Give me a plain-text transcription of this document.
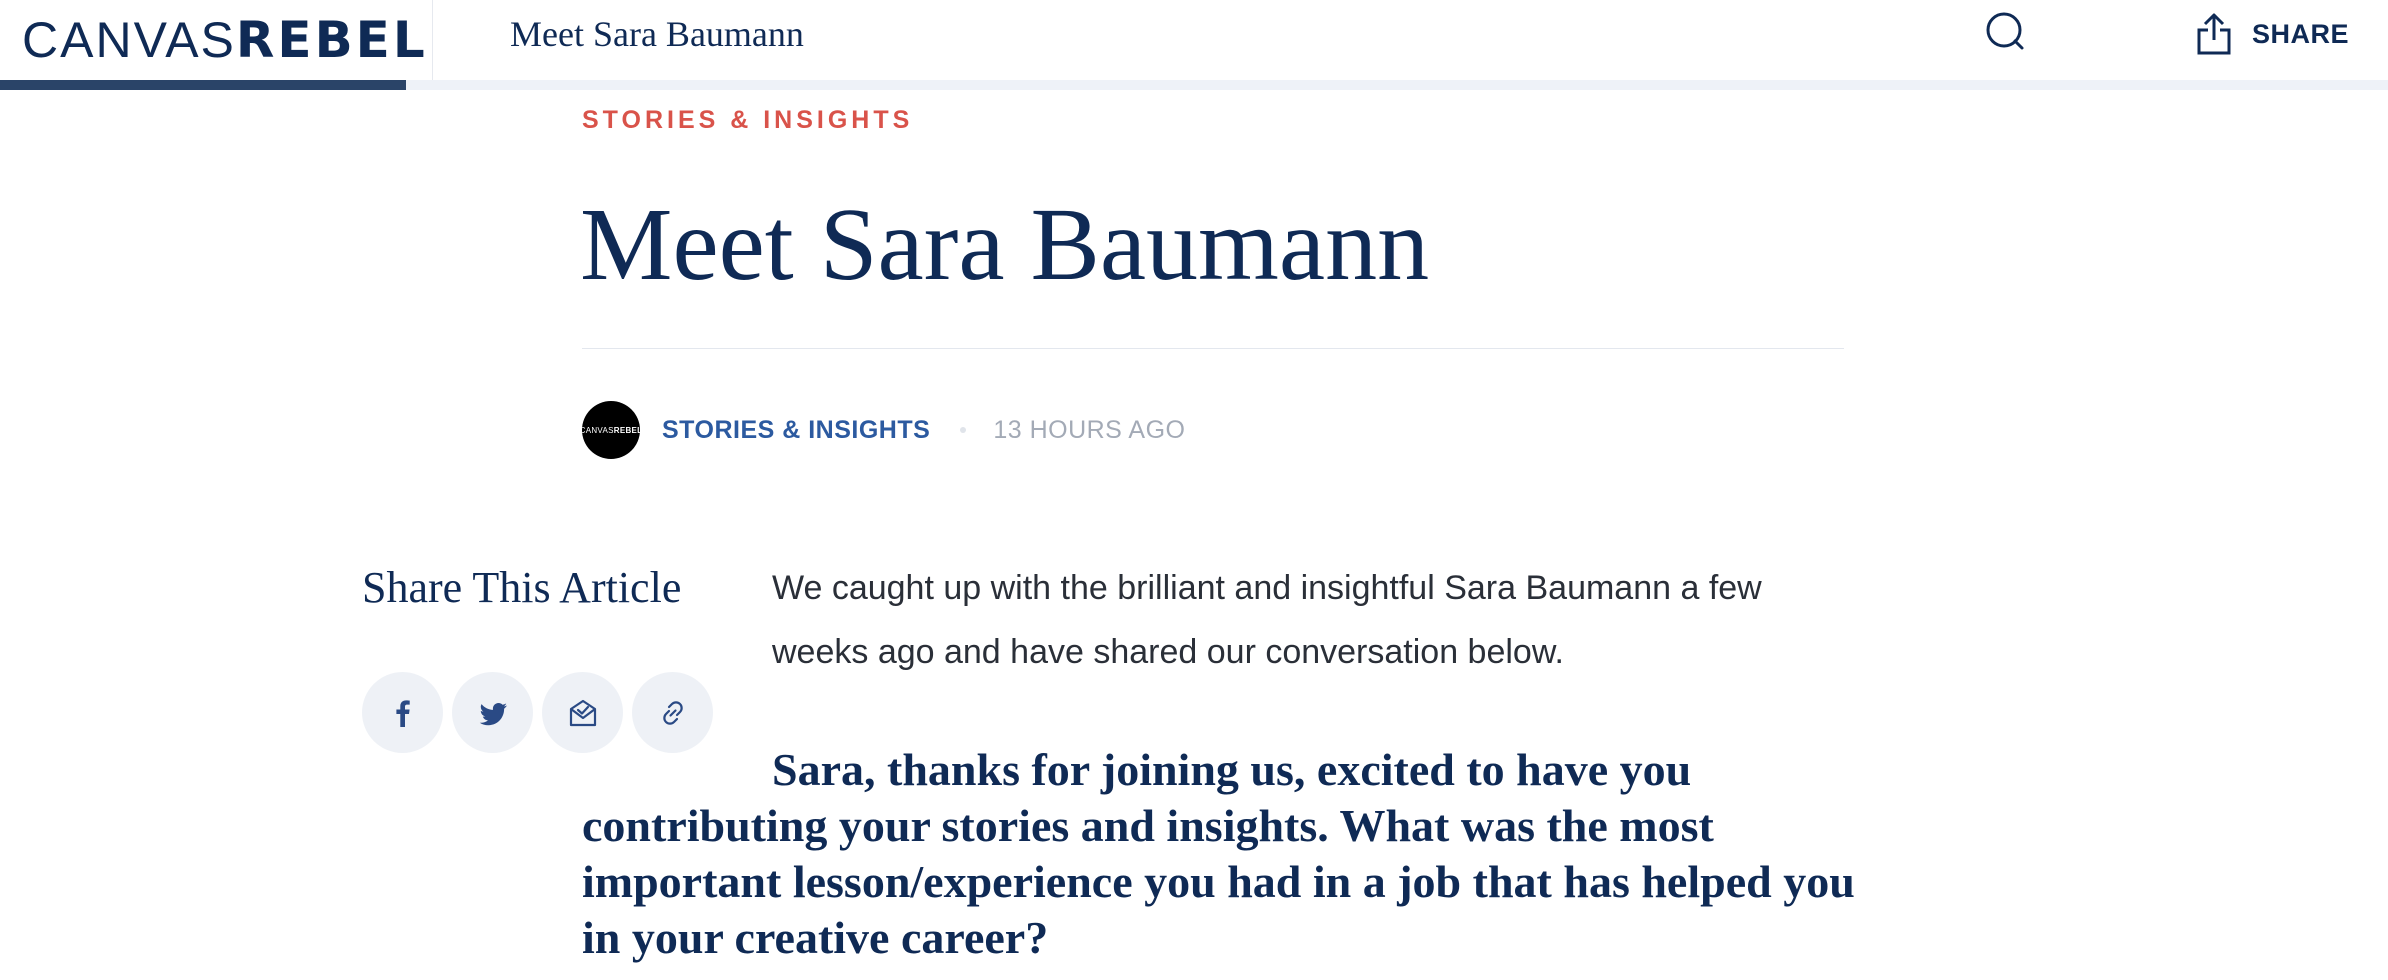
CANVAS REBEL Meet Sara Baumann	SHARE
STORIES & INSIGHTS
Meet Sara Baumann
CANVAS REBEL STORIES & INSIGHTS	13 HOURS AGO
Share This Article	We caught up with the brilliant and insightful Sara Baumann a few weeks ago and have shared our conversation below.

Sara, thanks for joining us, excited to have you contributing your stories and insights. What was the most important lesson/experience you had in a job that has helped you in your creative career?
